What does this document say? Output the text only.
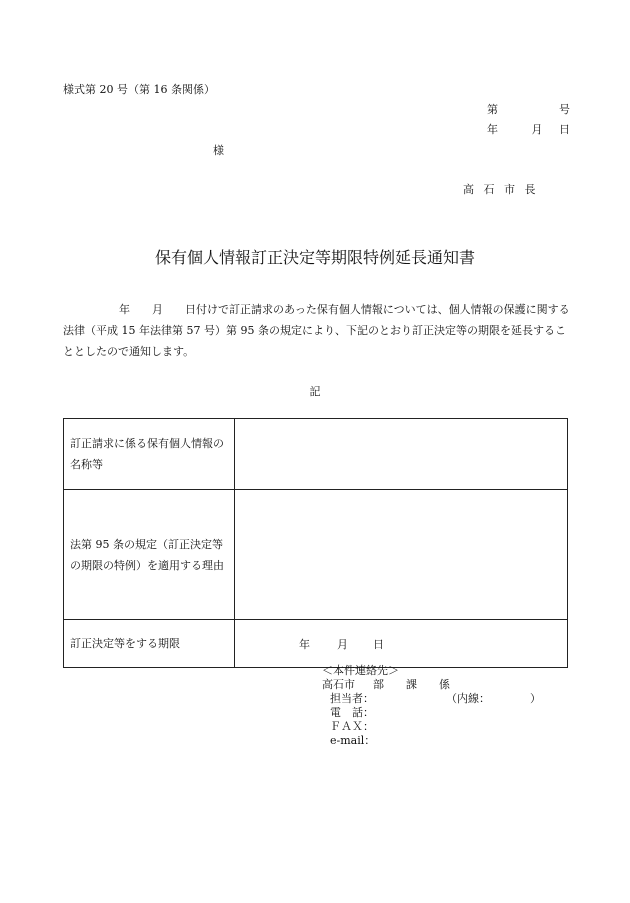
様式第 20 号（第 16 条関係）
第	号
年	月 日
様
高 石 市 長
保有個人情報訂正決定等期限特例延長通知書
年　　月　　日付けで訂正請求のあった保有個人情報については、個人情報の保護に関する法律（平成 15 年法律第 57 号）第 95 条の規定により、下記のとおり訂正決定等の期限を延長することとしたので通知します。
記
訂正請求に係る保有個人情報の名称等	
法第 95 条の規定（訂正決定等の期限の特例）を適用する理由	
訂正決定等をする期限	年 月 日
＜本件連絡先＞
高石市 部 課 係
担当者：	（内線：	）
電　話：
ＦＡＸ：
e-mail：
